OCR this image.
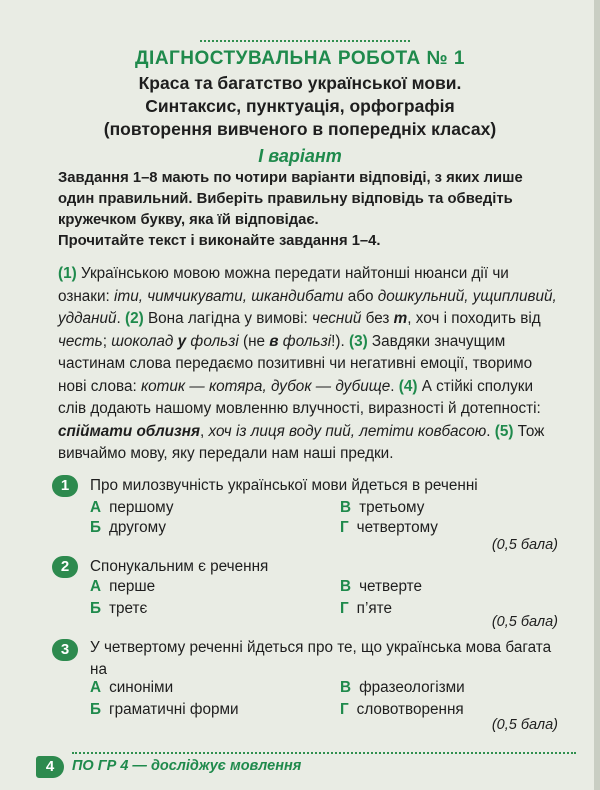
ДІАГНОСТУВАЛЬНА РОБОТА № 1
Краса та багатство української мови.
Синтаксис, пунктуація, орфографія
(повторення вивченого в попередніх класах)
І варіант
Завдання 1–8 мають по чотири варіанти відповіді, з яких лише один правильний. Виберіть правильну відповідь та обведіть кружечком букву, яка їй відповідає.
Прочитайте текст і виконайте завдання 1–4.
(1) Українською мовою можна передати найтонші нюанси дії чи ознаки: іти, чимчикувати, шкандибати або дошкульний, ущипливий, удданий. (2) Вона лагідна у вимові: чесний без т, хоч і походить від честь; шоколад у фользі (не в фользі!). (3) Завдяки значущим частинам слова передаємо позитивні чи негативні емоції, творимо нові слова: котик — котяра, дубок — дубище. (4) А стійкі сполуки слів додають нашому мовленню влучності, виразності й дотепності: спіймати облизня, хоч із лиця воду пий, летіти ковбасою. (5) Тож вивчаймо мову, яку передали нам наші предки.
1	Про милозвучність української мови йдеться в реченні
А першому	В третьому
Б другому	Г четвертому
(0,5 бала)
2	Спонукальним є речення
А перше	В четверте
Б третє	Г п’яте
(0,5 бала)
3	У четвертому реченні йдеться про те, що українська мова багата на
А синоніми	В фразеологізми
Б граматичні форми	Г словотворення
(0,5 бала)
4	ПО ГР 4 — досліджує мовлення
